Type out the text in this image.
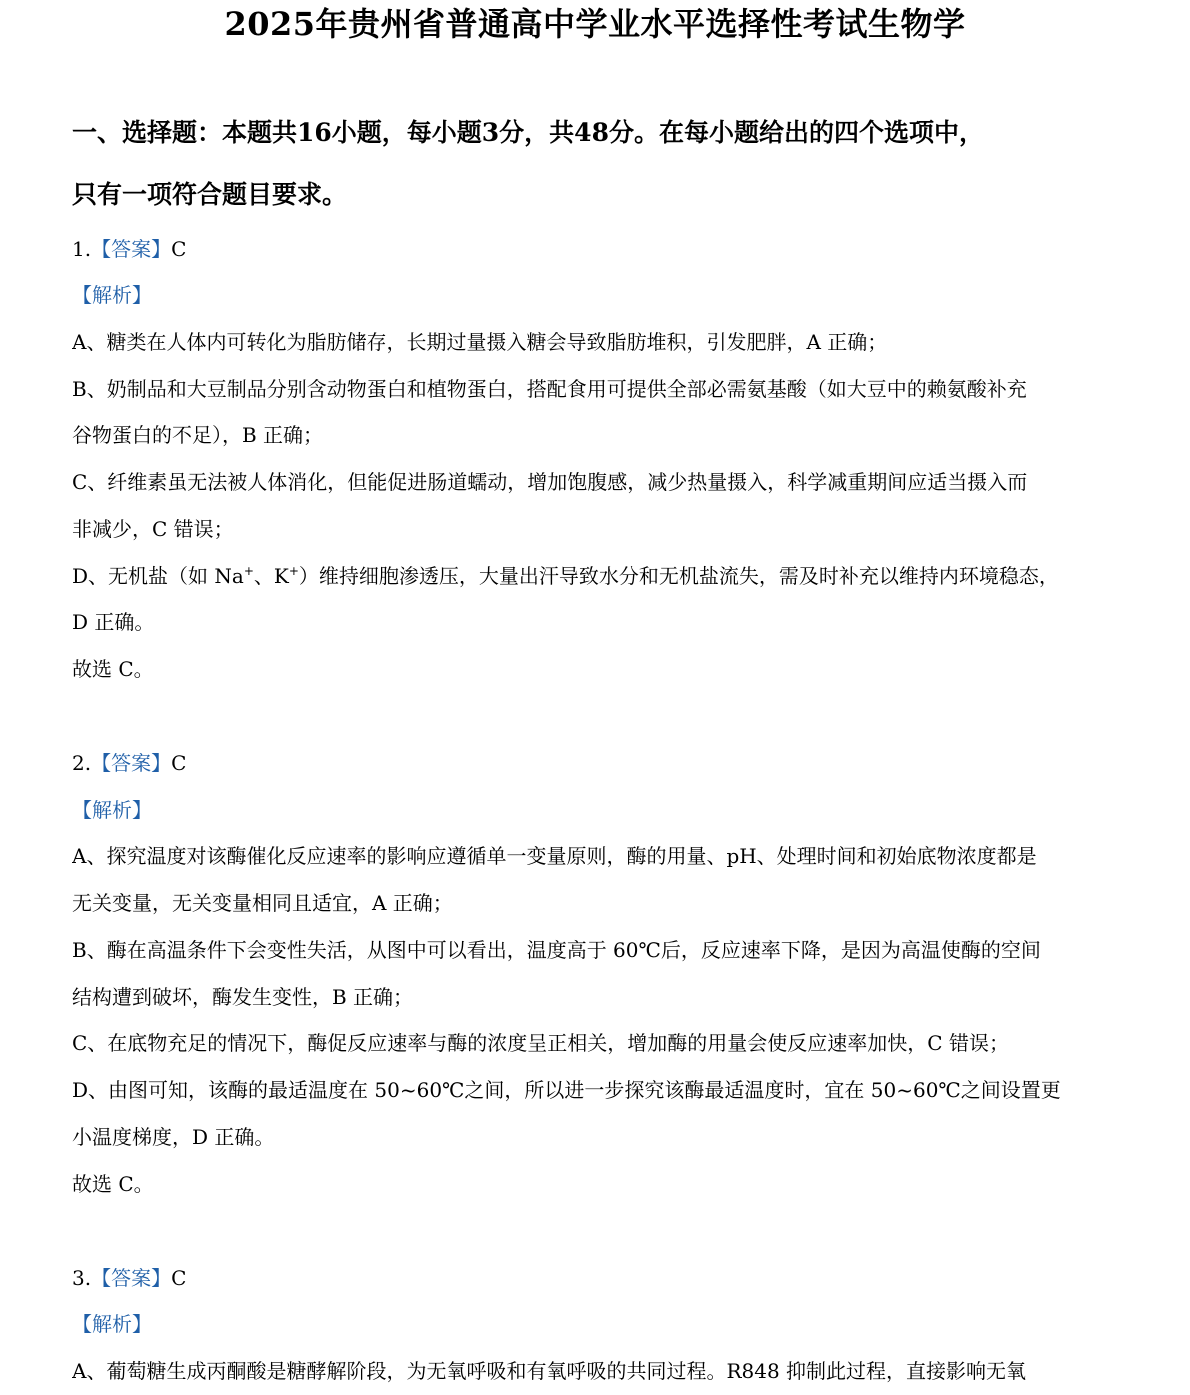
2025年贵州省普通高中学业水平选择性考试生物学
一、选择题：本题共16小题，每小题3分，共48分。在每小题给出的四个选项中，
只有一项符合题目要求。
1.【答案】C
【解析】
A、糖类在人体内可转化为脂肪储存，长期过量摄入糖会导致脂肪堆积，引发肥胖，A 正确；
B、奶制品和大豆制品分别含动物蛋白和植物蛋白，搭配食用可提供全部必需氨基酸（如大豆中的赖氨酸补充
谷物蛋白的不足），B 正确；
C、纤维素虽无法被人体消化，但能促进肠道蠕动，增加饱腹感，减少热量摄入，科学减重期间应适当摄入而
非减少，C 错误；
D、无机盐（如 Na+、K+）维持细胞渗透压，大量出汗导致水分和无机盐流失，需及时补充以维持内环境稳态，
D 正确。
故选 C。
2.【答案】C
【解析】
A、探究温度对该酶催化反应速率的影响应遵循单一变量原则，酶的用量、pH、处理时间和初始底物浓度都是
无关变量，无关变量相同且适宜，A 正确；
B、酶在高温条件下会变性失活，从图中可以看出，温度高于 60℃后，反应速率下降，是因为高温使酶的空间
结构遭到破坏，酶发生变性，B 正确；
C、在底物充足的情况下，酶促反应速率与酶的浓度呈正相关，增加酶的用量会使反应速率加快，C 错误；
D、由图可知，该酶的最适温度在 50~60℃之间，所以进一步探究该酶最适温度时，宜在 50~60℃之间设置更
小温度梯度，D 正确。
故选 C。
3.【答案】C
【解析】
A、葡萄糖生成丙酮酸是糖酵解阶段，为无氧呼吸和有氧呼吸的共同过程。R848 抑制此过程，直接影响无氧
